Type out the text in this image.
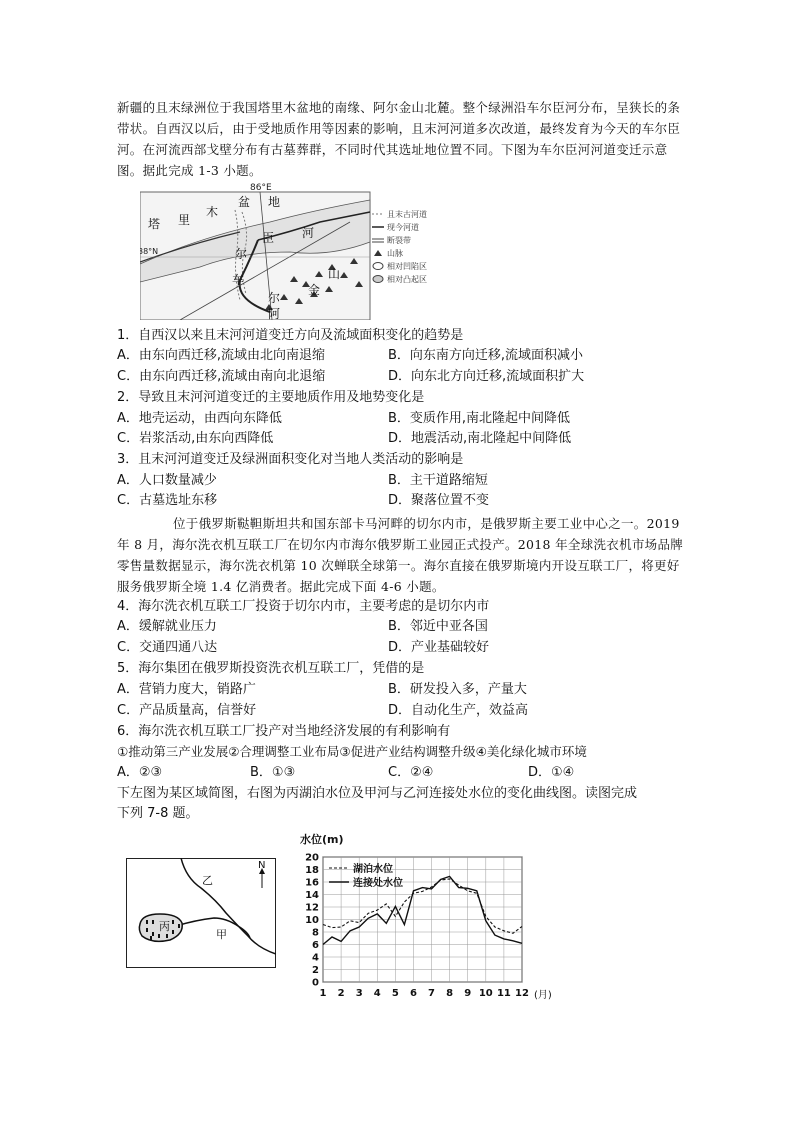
新疆的且末绿洲位于我国塔里木盆地的南缘、阿尔金山北麓。整个绿洲沿车尔臣河分布，呈狭长的条带状。自西汉以后，由于受地质作用等因素的影响，且末河河道多次改道，最终发育为今天的车尔臣河。在河流西部戈壁分布有古墓葬群，不同时代其选址地位置不同。下图为车尔臣河河道变迁示意图。据此完成 1-3 小题。
86°E
38°N
塔 里
木
盆 地
臣 河
尔
车	山
尔
金
阿
且末古河道
现今河道
断裂带
山脉
相对凹陷区
相对凸起区
1．自西汉以来且末河河道变迁方向及流域面积变化的趋势是
A．由东向西迁移,流域由北向南退缩	B．向东南方向迁移,流域面积减小
C．由东向西迁移,流域由南向北退缩	D．向东北方向迁移,流域面积扩大
2．导致且末河河道变迁的主要地质作用及地势变化是
A．地壳运动，由西向东降低	B．变质作用,南北隆起中间降低
C．岩浆活动,由东向西降低	D．地震活动,南北隆起中间降低
3．且末河河道变迁及绿洲面积变化对当地人类活动的影响是
A．人口数量减少	B．主干道路缩短
C．古墓选址东移	D．聚落位置不变
位于俄罗斯鞑靼斯坦共和国东部卡马河畔的切尔内市，是俄罗斯主要工业中心之一。2019 年 8 月，海尔洗衣机互联工厂在切尔内市海尔俄罗斯工业园正式投产。2018 年全球洗衣机市场品牌零售量数据显示，海尔洗衣机第 10 次蝉联全球第一。海尔直接在俄罗斯境内开设互联工厂，将更好服务俄罗斯全境 1.4 亿消费者。据此完成下面 4-6 小题。
4．海尔洗衣机互联工厂投资于切尔内市，主要考虑的是切尔内市
A．缓解就业压力	B．邻近中亚各国
C．交通四通八达	D．产业基础较好
5．海尔集团在俄罗斯投资洗衣机互联工厂，凭借的是
A．营销力度大，销路广	B．研发投入多，产量大
C．产品质量高，信誉好	D．自动化生产，效益高
6．海尔洗衣机互联工厂投产对当地经济发展的有利影响有
①推动第三产业发展②合理调整工业布局③促进产业结构调整升级④美化绿化城市环境
A．②③	B．①③	C．②④	D．①④
下左图为某区域简图，右图为丙湖泊水位及甲河与乙河连接处水位的变化曲线图。读图完成
下列 7-8 题。
N
丙
甲
乙
水位(m)
0
2
4
6
8
10
12
14
16
18
20
1 2 3 4 5 6 7 8 9 10 11 12
湖泊水位
连接处水位
(月)
